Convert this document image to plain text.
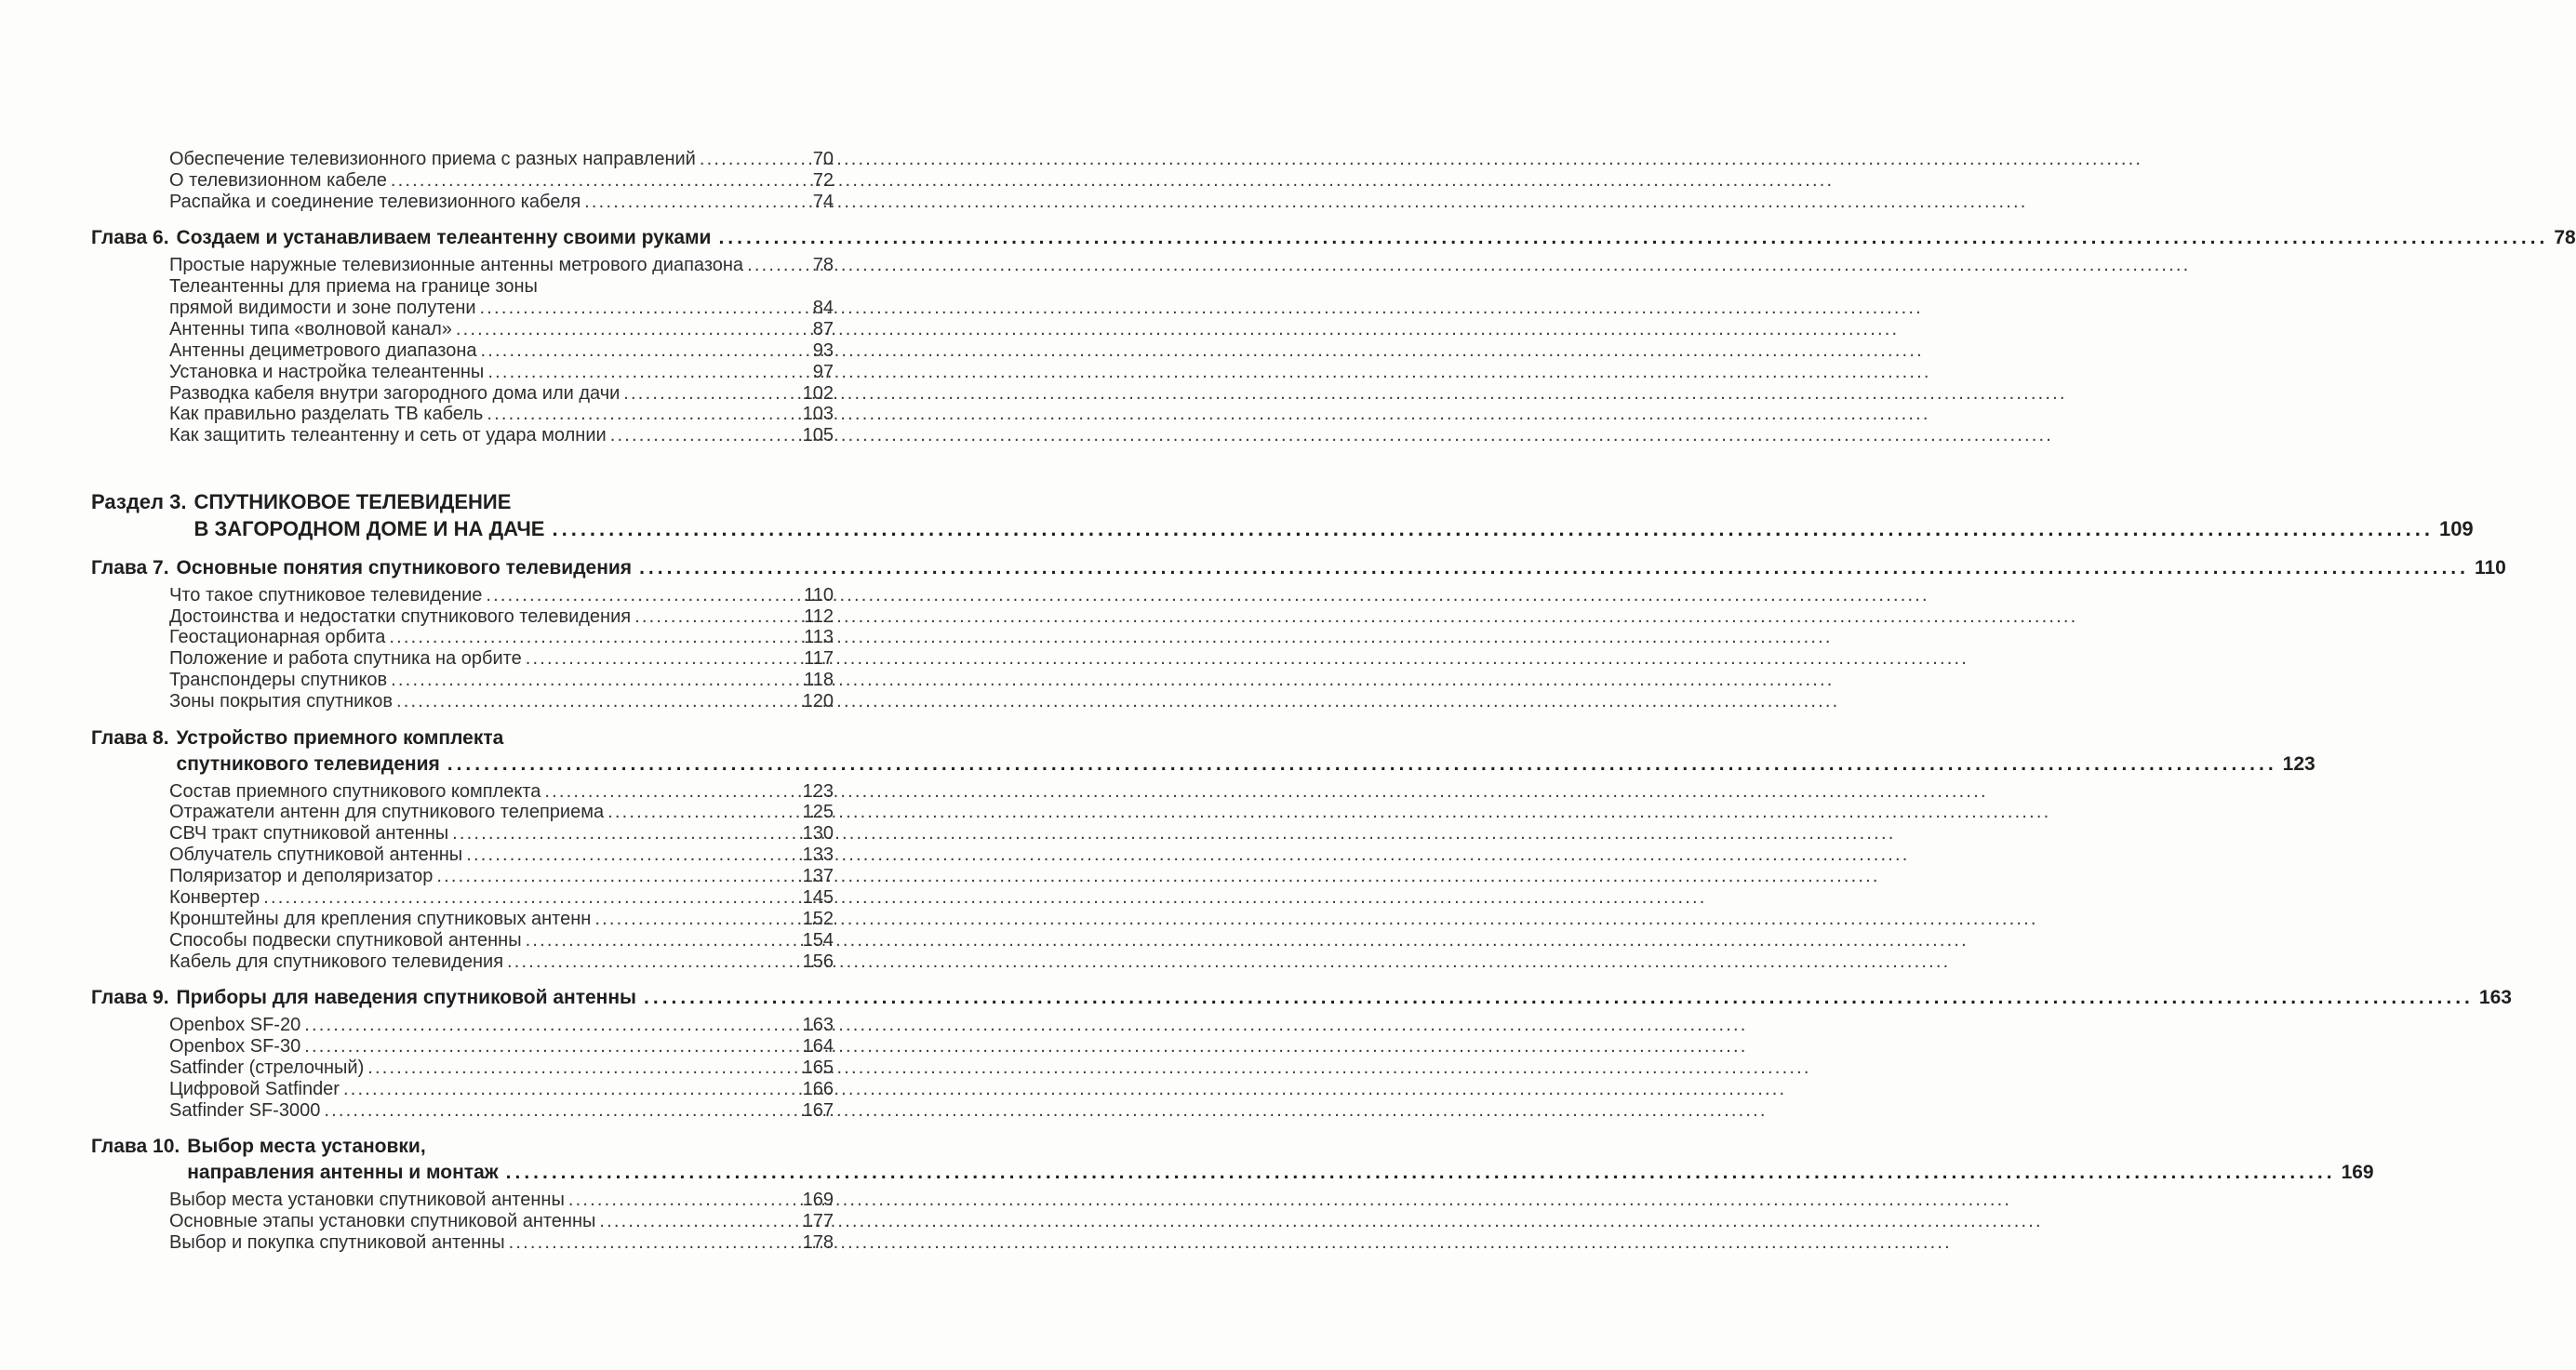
Обеспечение телевизионного приема с разных направлений .....	70
О телевизионном кабеле .....	72
Распайка и соединение телевизионного кабеля .....	74
Глава 6. Создаем и устанавливаем телеантенну своими руками .....	78
Простые наружные телевизионные антенны метрового диапазона .....	78
Телеантенны для приема на границе зоны
прямой видимости и зоне полутени .....	84
Антенны типа «волновой канал» .....	87
Антенны дециметрового диапазона .....	93
Установка и настройка телеантенны .....	97
Разводка кабеля внутри загородного дома или дачи .....	102
Как правильно разделать ТВ кабель .....	103
Как защитить телеантенну и сеть от удара молнии .....	105
Раздел 3. СПУТНИКОВОЕ ТЕЛЕВИДЕНИЕ
В ЗАГОРОДНОМ ДОМЕ И НА ДАЧЕ .....	109
Глава 7. Основные понятия спутникового телевидения .....	110
Что такое спутниковое телевидение .....	110
Достоинства и недостатки спутникового телевидения .....	112
Геостационарная орбита .....	113
Положение и работа спутника на орбите .....	117
Транспондеры спутников .....	118
Зоны покрытия спутников .....	120
Глава 8. Устройство приемного комплекта
спутникового телевидения .....	123
Состав приемного спутникового комплекта .....	123
Отражатели антенн для спутникового телеприема .....	125
СВЧ тракт спутниковой антенны .....	130
Облучатель спутниковой антенны .....	133
Поляризатор и деполяризатор .....	137
Конвертер .....	145
Кронштейны для крепления спутниковых антенн .....	152
Способы подвески спутниковой антенны .....	154
Кабель для спутникового телевидения .....	156
Глава 9. Приборы для наведения спутниковой антенны .....	163
Openbox SF-20 .....	163
Openbox SF-30 .....	164
Satfinder (стрелочный) .....	165
Цифровой Satfinder .....	166
Satfinder SF-3000 .....	167
Глава 10. Выбор места установки,
направления антенны и монтаж .....	169
Выбор места установки спутниковой антенны .....	169
Основные этапы установки спутниковой антенны .....	177
Выбор и покупка спутниковой антенны .....	178
